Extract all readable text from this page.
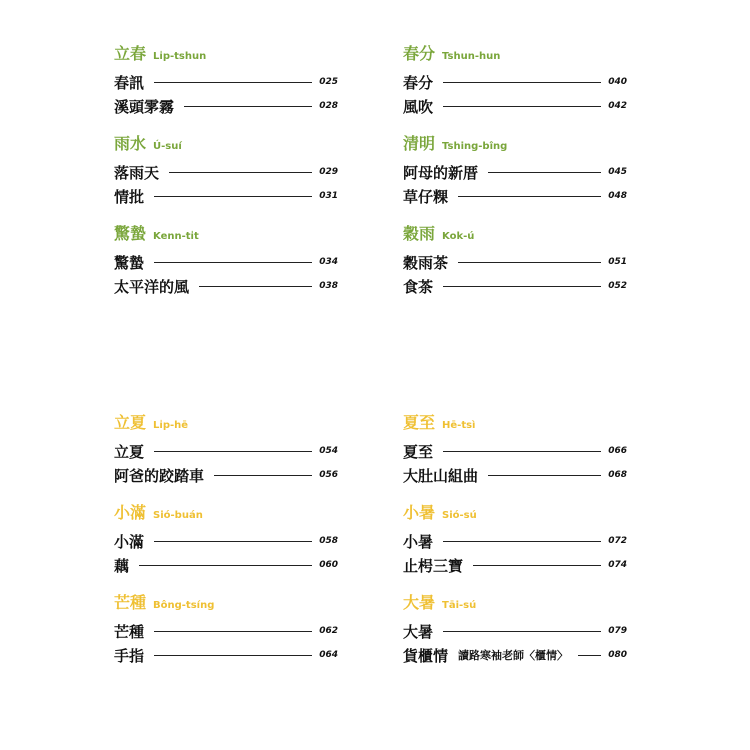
立春 Li̍p-tshun
春訊	025
溪頭雺霧	028
雨水 Ú-suí
落雨天	029
情批	031
驚蟄 Kenn-ti̍t
驚蟄	034
太平洋的風	038
春分 Tshun-hun
春分	040
風吹	042
清明 Tshing-bîng
阿母的新厝	045
草仔粿	048
穀雨 Kok-ú
穀雨茶	051
食茶	052
立夏 Li̍p-hē
立夏	054
阿爸的跤踏車	056
小滿 Sió-buán
小滿	058
藕	060
芒種 Bông-tsíng
芒種	062
手指	064
夏至 Hē-tsì
夏至	066
大肚山組曲	068
小暑 Sió-sú
小暑	072
止枵三寶	074
大暑 Tāi-sú
大暑	079
貨櫃情 讀路寒袖老師〈櫃情〉	080
